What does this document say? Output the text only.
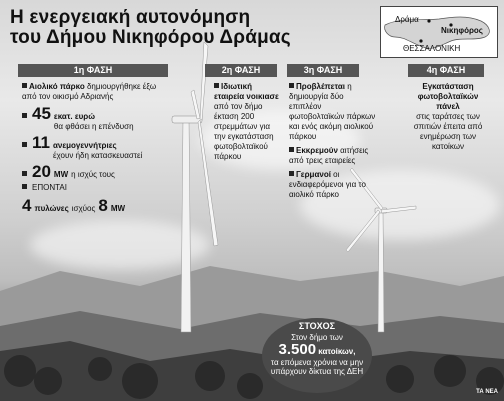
Η ενεργειακή αυτονόμηση
του Δήμου Νικηφόρου Δράμας
Δράμα
Νικηφόρος
ΘΕΣΣΑΛΟΝΙΚΗ
1η ΦΑΣΗ	2η ΦΑΣΗ	3η ΦΑΣΗ	4η ΦΑΣΗ
Αιολικό πάρκο δημιουργήθηκε έξω από τον οικισμό Αδριανής
45 εκατ. ευρώ
θα φθάσει η επένδυση
11 ανεμογεννήτριες
έχουν ήδη κατασκευαστεί
20 MW η ισχύς τους
ΕΠΟΝΤΑΙ
4 πυλώνες ισχύος 8 MW
Ιδιωτική εταιρεία νοικιασε από τον δήμο έκταση 200 στρεμμάτων για την εγκατάσταση φωτοβολταϊκού πάρκου
Προβλέπεται η δημιουργία δύο επιπλέον φωτοβολταϊκών πάρκων και ενός ακόμη αιολικού πάρκου
Εκκρεμούν αιτήσεις από τρεις εταιρείες
Γερμανοί οι ενδιαφερόμενοι για το αιολικό πάρκο
Εγκατάσταση φωτοβολταϊκών πάνελ
στις ταράτσες των σπιτιών έπειτα από ενημέρωση των κατοίκων
ΣΤΟΧΟΣ
Στον δήμο των
3.500 κατοίκων,
τα επόμενα χρόνια να μην
υπάρχουν δίκτυα της ΔΕΗ
ΤΑ ΝΕΑ
